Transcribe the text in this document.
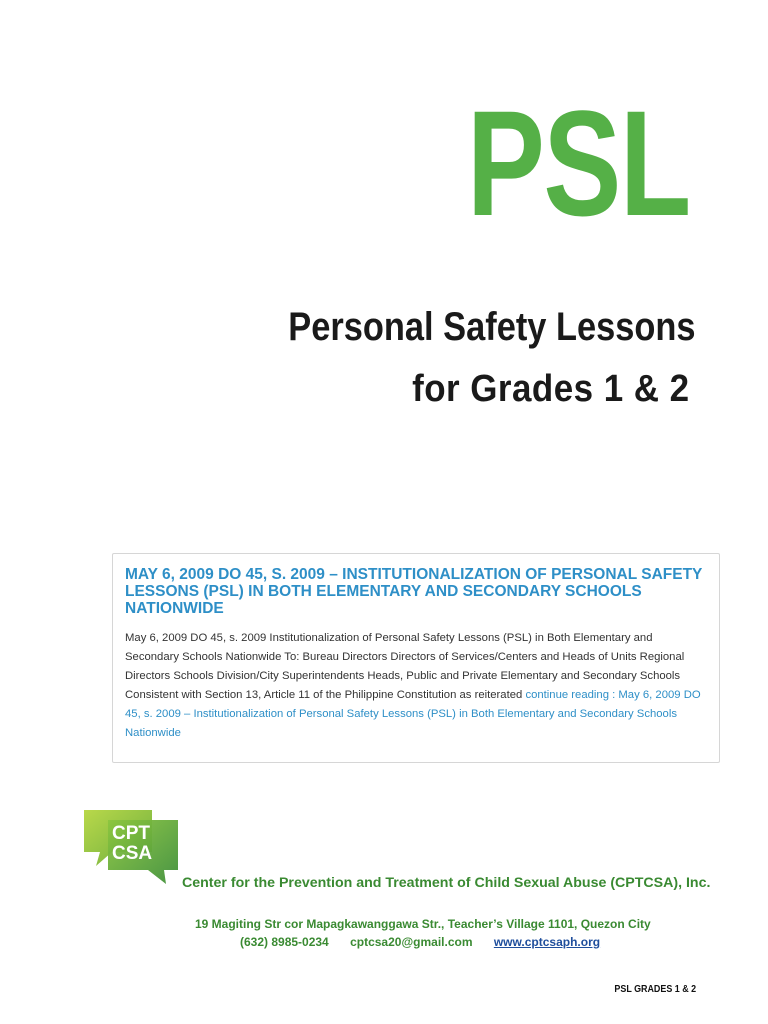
PSL
Personal Safety Lessons
for Grades 1 & 2
MAY 6, 2009 DO 45, S. 2009 – INSTITUTIONALIZATION OF PERSONAL SAFETY LESSONS (PSL) IN BOTH ELEMENTARY AND SECONDARY SCHOOLS NATIONWIDE

May 6, 2009 DO 45, s. 2009 Institutionalization of Personal Safety Lessons (PSL) in Both Elementary and Secondary Schools Nationwide To: Bureau Directors Directors of Services/Centers and Heads of Units Regional Directors Schools Division/City Superintendents Heads, Public and Private Elementary and Secondary Schools Consistent with Section 13, Article 11 of the Philippine Constitution as reiterated continue reading : May 6, 2009 DO 45, s. 2009 – Institutionalization of Personal Safety Lessons (PSL) in Both Elementary and Secondary Schools Nationwide

CPT
CSA

Center for the Prevention and Treatment of Child Sexual Abuse (CPTCSA), Inc.

19 Magiting Str cor Mapagkawanggawa Str., Teacher’s Village 1101, Quezon City

(632) 8985-0234 cptcsa20@gmail.com www.cptcsaph.org

PSL GRADES 1 & 2
